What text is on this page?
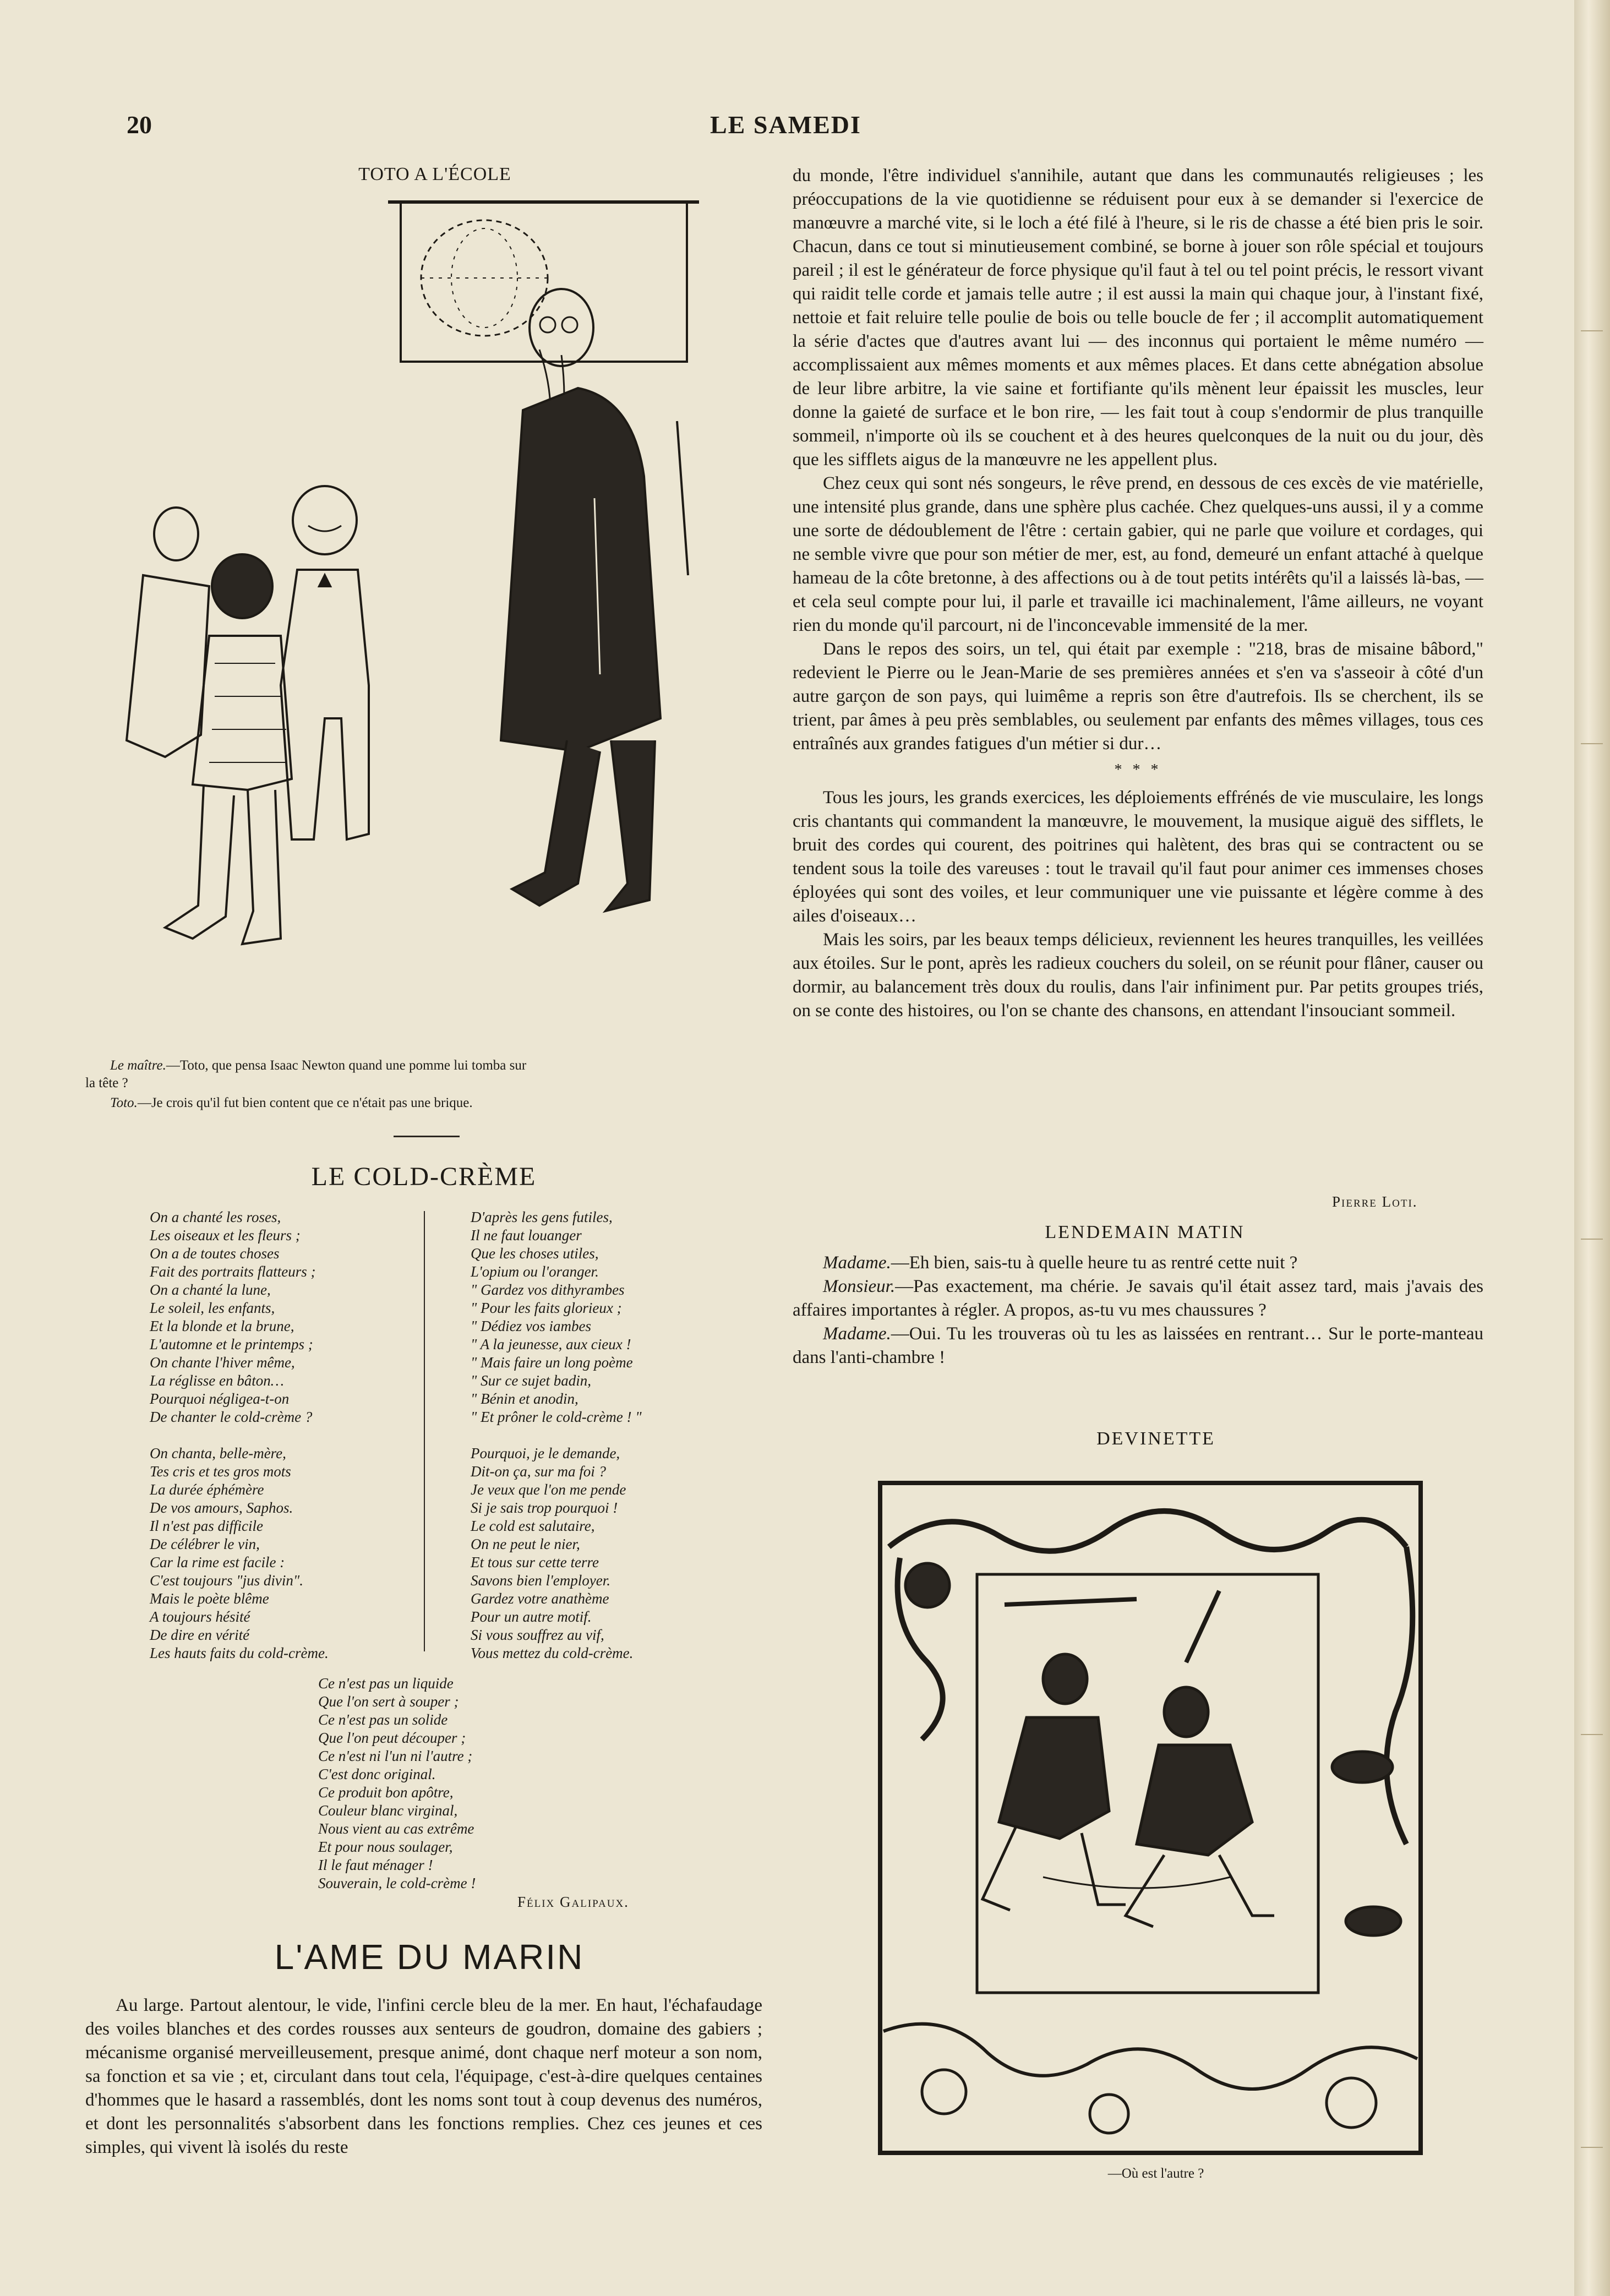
20	LE SAMEDI
TOTO A L'ÉCOLE
Le maître.—Toto, que pensa Isaac Newton quand une pomme lui tomba sur
la tête ?
Toto.—Je crois qu'il fut bien content que ce n'était pas une brique.
LE COLD-CRÈME
On a chanté les roses,
Les oiseaux et les fleurs ;
On a de toutes choses
Fait des portraits flatteurs ;
On a chanté la lune,
Le soleil, les enfants,
Et la blonde et la brune,
L'automne et le printemps ;
On chante l'hiver même,
La réglisse en bâton…
Pourquoi négligea-t-on
De chanter le cold-crème ?
On chanta, belle-mère,
Tes cris et tes gros mots
La durée éphémère
De vos amours, Saphos.
Il n'est pas difficile
De célébrer le vin,
Car la rime est facile :
C'est toujours "jus divin".
Mais le poète blême
A toujours hésité
De dire en vérité
Les hauts faits du cold-crème.
D'après les gens futiles,
Il ne faut louanger
Que les choses utiles,
L'opium ou l'oranger.
" Gardez vos dithyrambes
" Pour les faits glorieux ;
" Dédiez vos iambes
" A la jeunesse, aux cieux !
" Mais faire un long poème
" Sur ce sujet badin,
" Bénin et anodin,
" Et prôner le cold-crème ! "
Pourquoi, je le demande,
Dit-on ça, sur ma foi ?
Je veux que l'on me pende
Si je sais trop pourquoi !
Le cold est salutaire,
On ne peut le nier,
Et tous sur cette terre
Savons bien l'employer.
Gardez votre anathème
Pour un autre motif.
Si vous souffrez au vif,
Vous mettez du cold-crème.
Ce n'est pas un liquide
Que l'on sert à souper ;
Ce n'est pas un solide
Que l'on peut découper ;
Ce n'est ni l'un ni l'autre ;
C'est donc original.
Ce produit bon apôtre,
Couleur blanc virginal,
Nous vient au cas extrême
Et pour nous soulager,
Il le faut ménager !
Souverain, le cold-crème !
Félix Galipaux.
L'AME DU MARIN

Au large. Partout alentour, le vide, l'infini cercle bleu de la mer. En haut, l'échafaudage des voiles blanches et des cordes rousses aux senteurs de goudron, domaine des gabiers ; mécanisme organisé merveilleusement, presque animé, dont chaque nerf moteur a son nom, sa fonction et sa vie ; et, circulant dans tout cela, l'équipage, c'est-à-dire quelques centaines d'hommes que le hasard a rassemblés, dont les noms sont tout à coup devenus des numéros, et dont les personnalités s'absorbent dans les fonctions remplies. Chez ces jeunes et ces simples, qui vivent là isolés du reste

du monde, l'être individuel s'annihile, autant que dans les communautés religieuses ; les préoccupations de la vie quotidienne se réduisent pour eux à se demander si l'exercice de manœuvre a marché vite, si le loch a été filé à l'heure, si le ris de chasse a été bien pris le soir. Chacun, dans ce tout si minutieusement combiné, se borne à jouer son rôle spécial et toujours pareil ; il est le générateur de force physique qu'il faut à tel ou tel point précis, le ressort vivant qui raidit telle corde et jamais telle autre ; il est aussi la main qui chaque jour, à l'instant fixé, nettoie et fait reluire telle poulie de bois ou telle boucle de fer ; il accomplit automatiquement la série d'actes que d'autres avant lui — des inconnus qui portaient le même numéro — accomplissaient aux mêmes moments et aux mêmes places. Et dans cette abnégation absolue de leur libre arbitre, la vie saine et fortifiante qu'ils mènent leur épaissit les muscles, leur donne la gaieté de surface et le bon rire, — les fait tout à coup s'endormir de plus tranquille sommeil, n'importe où ils se couchent et à des heures quelconques de la nuit ou du jour, dès que les sifflets aigus de la manœuvre ne les appellent plus.

Chez ceux qui sont nés songeurs, le rêve prend, en dessous de ces excès de vie matérielle, une intensité plus grande, dans une sphère plus cachée. Chez quelques-uns aussi, il y a comme une sorte de dédoublement de l'être : certain gabier, qui ne parle que voilure et cordages, qui ne semble vivre que pour son métier de mer, est, au fond, demeuré un enfant attaché à quelque hameau de la côte bretonne, à des affections ou à de tout petits intérêts qu'il a laissés là-bas, — et cela seul compte pour lui, il parle et travaille ici machinalement, l'âme ailleurs, ne voyant rien du monde qu'il parcourt, ni de l'inconcevable immensité de la mer.

Dans le repos des soirs, un tel, qui était par exemple : "218, bras de misaine bâbord," redevient le Pierre ou le Jean-Marie de ses premières années et s'en va s'asseoir à côté d'un autre garçon de son pays, qui luimême a repris son être d'autrefois. Ils se cherchent, ils se trient, par âmes à peu près semblables, ou seulement par enfants des mêmes villages, tous ces entraînés aux grandes fatigues d'un métier si dur…

* * *

Tous les jours, les grands exercices, les déploiements effrénés de vie musculaire, les longs cris chantants qui commandent la manœuvre, le mouvement, la musique aiguë des sifflets, le bruit des cordes qui courent, des poitrines qui halètent, des bras qui se contractent ou se tendent sous la toile des vareuses : tout le travail qu'il faut pour animer ces immenses choses éployées qui sont des voiles, et leur communiquer une vie puissante et légère comme à des ailes d'oiseaux…

Mais les soirs, par les beaux temps délicieux, reviennent les heures tranquilles, les veillées aux étoiles. Sur le pont, après les radieux couchers du soleil, on se réunit pour flâner, causer ou dormir, au balancement très doux du roulis, dans l'air infiniment pur. Par petits groupes triés, on se conte des histoires, ou l'on se chante des chansons, en attendant l'insouciant sommeil.

Pierre Loti.
LENDEMAIN MATIN

Madame.—Eh bien, sais-tu à quelle heure tu as rentré cette nuit ?

Monsieur.—Pas exactement, ma chérie. Je savais qu'il était assez tard, mais j'avais des affaires importantes à régler. A propos, as-tu vu mes chaussures ?

Madame.—Oui. Tu les trouveras où tu les as laissées en rentrant… Sur le porte-manteau dans l'anti-chambre !

DEVINETTE
—Où est l'autre ?
